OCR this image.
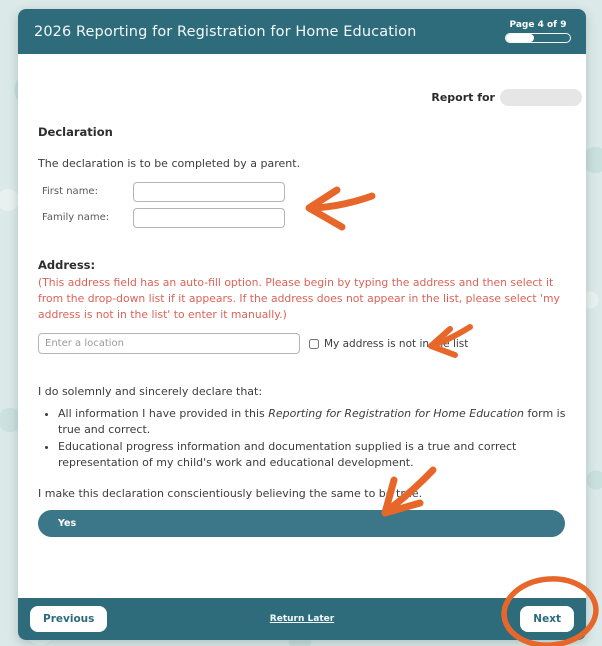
2026 Reporting for Registration for Home Education	Page 4 of 9
Report for
Declaration
The declaration is to be completed by a parent.
First name:
Family name:
Address:
(This address field has an auto-fill option. Please begin by typing the address and then select it from the drop-down list if it appears. If the address does not appear in the list, please select 'my address is not in the list' to enter it manually.)
Enter a location
My address is not in the list
I do solemnly and sincerely declare that:
• All information I have provided in this Reporting for Registration for Home Education form is true and correct.
• Educational progress information and documentation supplied is a true and correct representation of my child's work and educational development.
I make this declaration conscientiously believing the same to be true.
Yes
Previous	Return Later	Next
